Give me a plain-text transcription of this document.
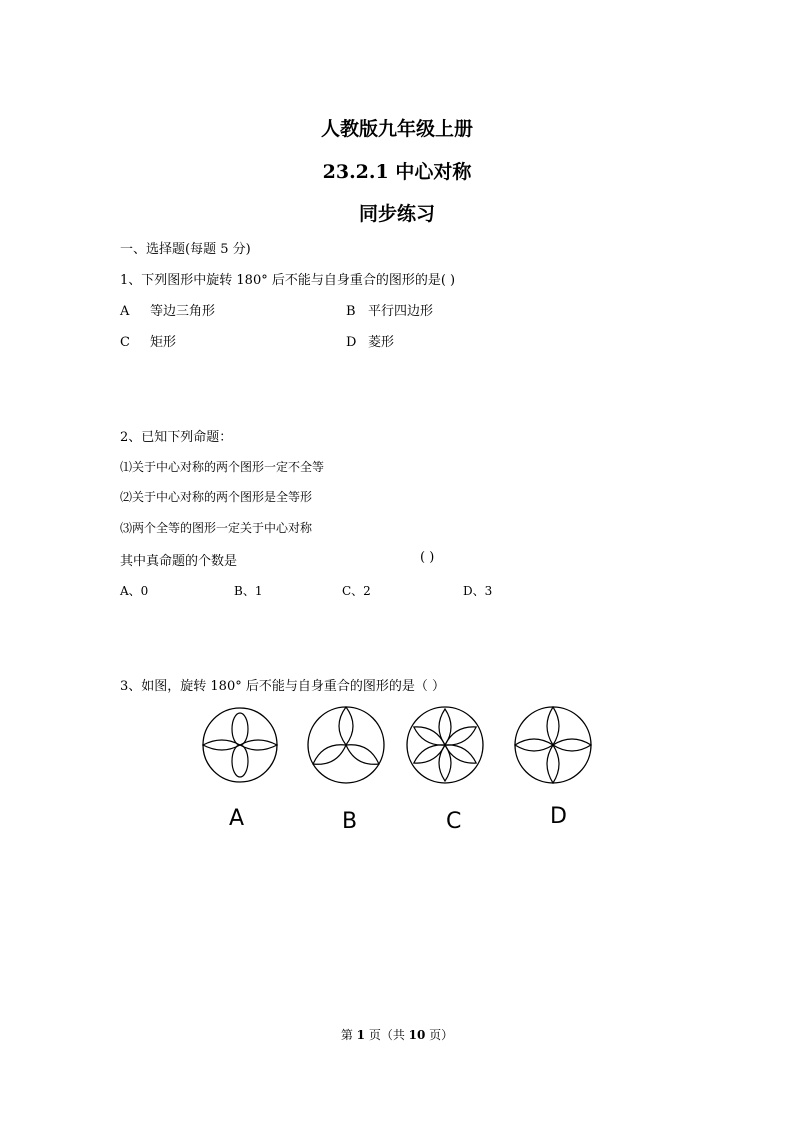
人教版九年级上册
23.2.1 中心对称
同步练习
一、选择题(每题 5 分)
1、下列图形中旋转 180° 后不能与自身重合的图形的是( )
A 等边三角形	B 平行四边形
C 矩形	D 菱形
2、已知下列命题：
⑴关于中心对称的两个图形一定不全等
⑵关于中心对称的两个图形是全等形
⑶两个全等的图形一定关于中心对称
其中真命题的个数是	( )
A、0	B、1	C、2	D、3
3、如图，旋转 180° 后不能与自身重合的图形的是（ ）
A	B	C	D
第 1 页（共 10 页）
